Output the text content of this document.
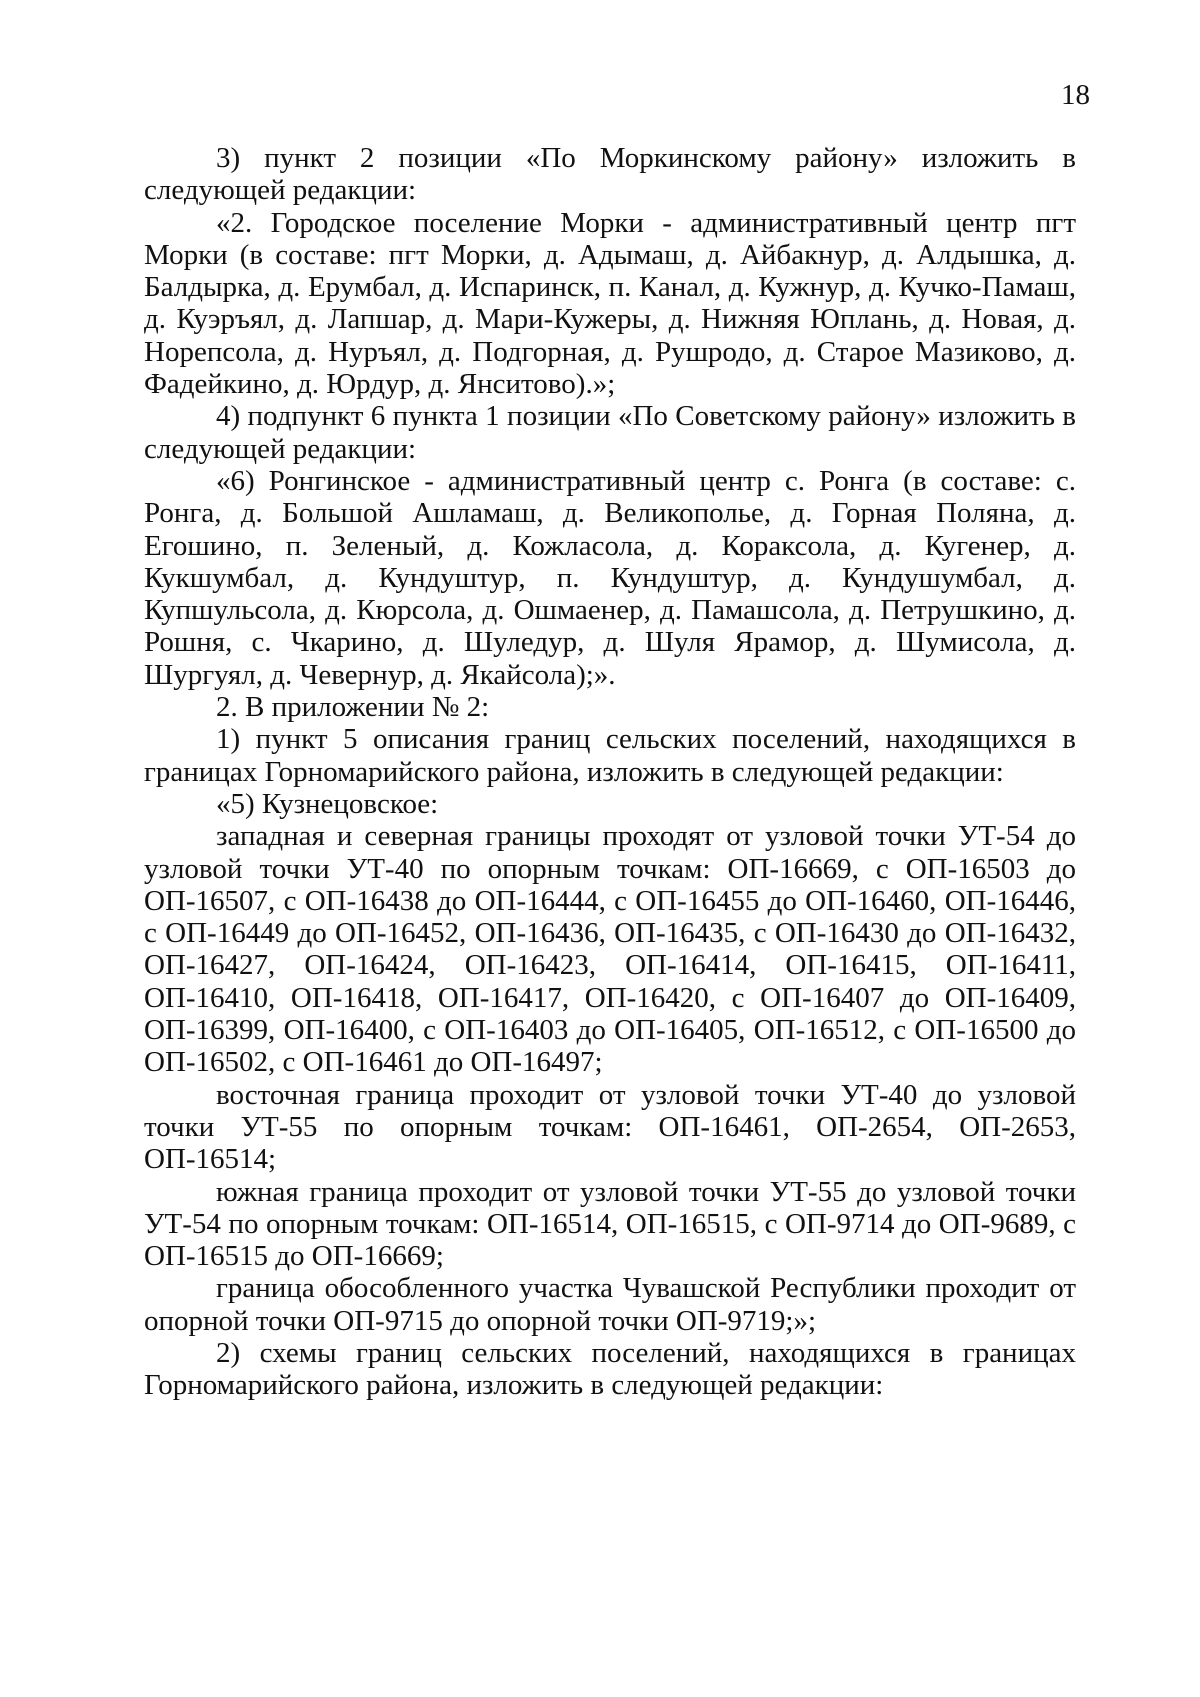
18

3) пункт 2 позиции «По Моркинскому району» изложить в следующей редакции:

«2. Городское поселение Морки - административный центр пгт Морки (в составе: пгт Морки, д. Адымаш, д. Айбакнур, д. Алдышка, д. Балдырка, д. Ерумбал, д. Испаринск, п. Канал, д. Кужнур, д. Кучко-Памаш, д. Куэръял, д. Лапшар, д. Мари-Кужеры, д. Нижняя Юплань, д. Новая, д. Норепсола, д. Нуръял, д. Подгорная, д. Рушродо, д. Старое Мазиково, д. Фадейкино, д. Юрдур, д. Янситово).»;

4) подпункт 6 пункта 1 позиции «По Советскому району» изложить в следующей редакции:

«6) Ронгинское - административный центр с. Ронга (в составе: с. Ронга, д. Большой Ашламаш, д. Великополье, д. Горная Поляна, д. Егошино, п. Зеленый, д. Кожласола, д. Кораксола, д. Кугенер, д. Кукшумбал, д. Кундуштур, п. Кундуштур, д. Кундушумбал, д. Купшульсола, д. Кюрсола, д. Ошмаенер, д. Памашсола, д. Петрушкино, д. Рошня, с. Чкарино, д. Шуледур, д. Шуля Ярамор, д. Шумисола, д. Шургуял, д. Чевернур, д. Якайсола);».

2. В приложении № 2:

1) пункт 5 описания границ сельских поселений, находящихся в границах Горномарийского района, изложить в следующей редакции:

«5) Кузнецовское:

западная и северная границы проходят от узловой точки УТ-54 до узловой точки УТ-40 по опорным точкам: ОП-16669, с ОП-16503 до ОП-16507, с ОП-16438 до ОП-16444, с ОП-16455 до ОП-16460, ОП-16446, с ОП-16449 до ОП-16452, ОП-16436, ОП-16435, с ОП-16430 до ОП-16432, ОП-16427, ОП-16424, ОП-16423, ОП-16414, ОП-16415, ОП-16411, ОП-16410, ОП-16418, ОП-16417, ОП-16420, с ОП-16407 до ОП-16409, ОП-16399, ОП-16400, с ОП-16403 до ОП-16405, ОП-16512, с ОП-16500 до ОП-16502, с ОП-16461 до ОП-16497;

восточная граница проходит от узловой точки УТ-40 до узловой точки УТ-55 по опорным точкам: ОП-16461, ОП-2654, ОП-2653, ОП-16514;

южная граница проходит от узловой точки УТ-55 до узловой точки УТ-54 по опорным точкам: ОП-16514, ОП-16515, с ОП-9714 до ОП-9689, с ОП-16515 до ОП-16669;

граница обособленного участка Чувашской Республики проходит от опорной точки ОП-9715 до опорной точки ОП-9719;»;

2) схемы границ сельских поселений, находящихся в границах Горномарийского района, изложить в следующей редакции:
